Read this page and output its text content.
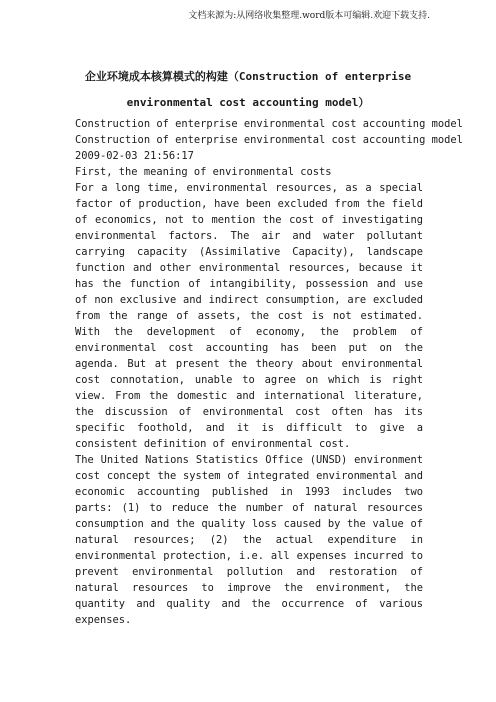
文档来源为:从网络收集整理.word版本可编辑.欢迎下载支持.
企业环境成本核算模式的构建（Construction of enterprise
environmental cost accounting model）

Construction of enterprise environmental cost accounting model

Construction of enterprise environmental cost accounting model

2009-02-03 21:56:17

First, the meaning of environmental costs

For a long time, environmental resources, as a special factor of production, have been excluded from the field of economics, not to mention the cost of investigating environmental factors. The air and water pollutant carrying capacity (Assimilative Capacity), landscape function and other environmental resources, because it has the function of intangibility, possession and use of non exclusive and indirect consumption, are excluded from the range of assets, the cost is not estimated. With the development of economy, the problem of environmental cost accounting has been put on the agenda. But at present the theory about environmental cost connotation, unable to agree on which is right view. From the domestic and international literature, the discussion of environmental cost often has its specific foothold, and it is difficult to give a consistent definition of environmental cost.

The United Nations Statistics Office (UNSD) environment cost concept the system of integrated environmental and economic accounting published in 1993 includes two parts: (1) to reduce the number of natural resources consumption and the quality loss caused by the value of natural resources; (2) the actual expenditure in environmental protection, i.e. all expenses incurred to prevent environmental pollution and restoration of natural resources to improve the environment, the quantity and quality and the occurrence of various expenses.
